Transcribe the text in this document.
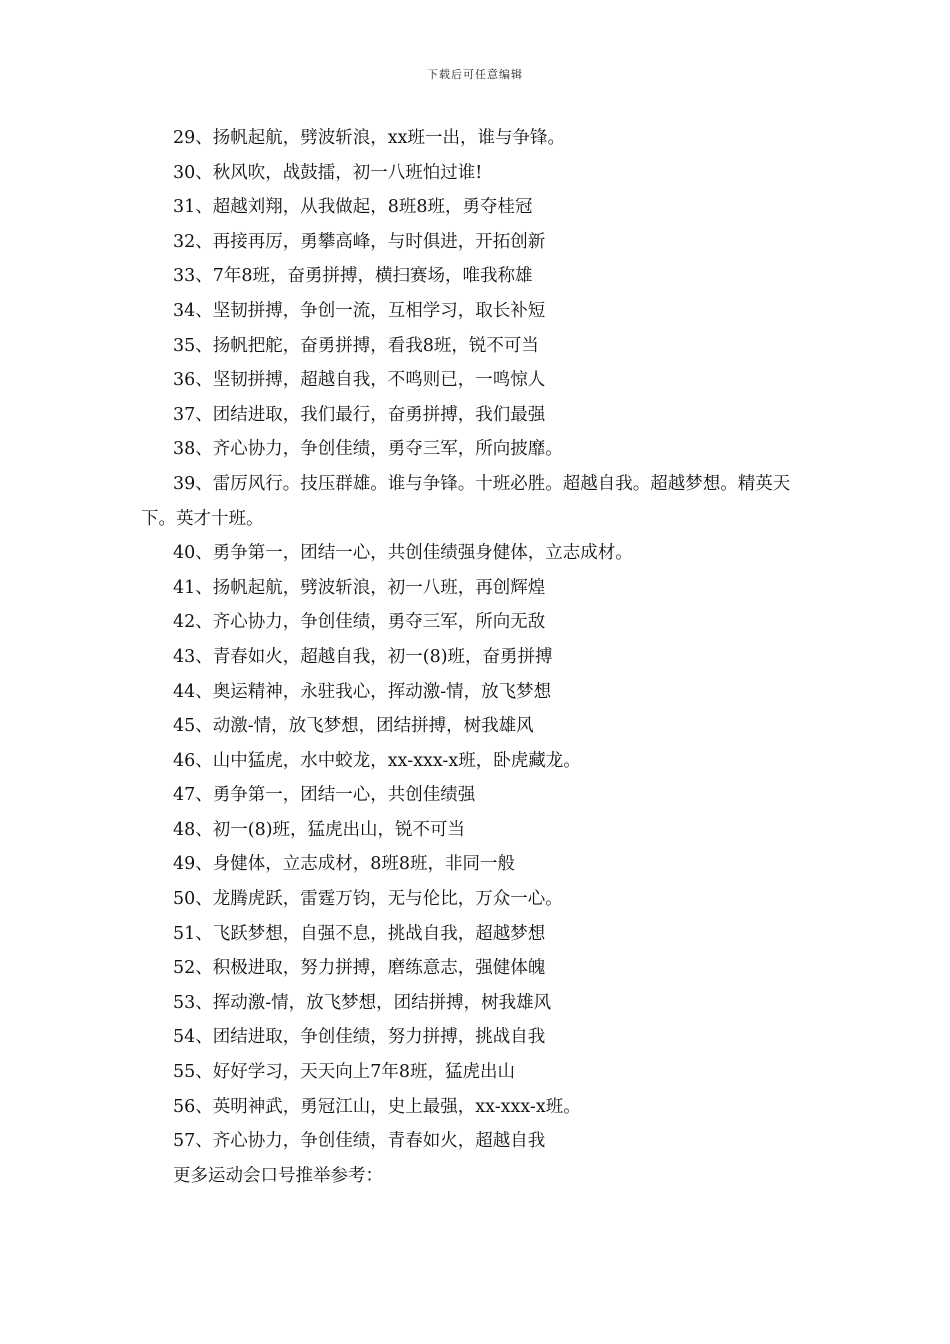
下载后可任意编辑

29、扬帆起航，劈波斩浪，xx班一出，谁与争锋。

30、秋风吹，战鼓擂，初一八班怕过谁!

31、超越刘翔，从我做起，8班8班，勇夺桂冠

32、再接再厉，勇攀高峰，与时俱进，开拓创新

33、7年8班，奋勇拼搏，横扫赛场，唯我称雄

34、坚韧拼搏，争创一流，互相学习，取长补短

35、扬帆把舵，奋勇拼搏，看我8班，锐不可当

36、坚韧拼搏，超越自我，不鸣则已，一鸣惊人

37、团结进取，我们最行，奋勇拼搏，我们最强

38、齐心协力，争创佳绩，勇夺三军，所向披靡。

39、雷厉风行。技压群雄。谁与争锋。十班必胜。超越自我。超越梦想。精英天下。英才十班。

40、勇争第一，团结一心，共创佳绩强身健体，立志成材。

41、扬帆起航，劈波斩浪，初一八班，再创辉煌

42、齐心协力，争创佳绩，勇夺三军，所向无敌

43、青春如火，超越自我，初一(8)班，奋勇拼搏

44、奥运精神，永驻我心，挥动激-情，放飞梦想

45、动激-情，放飞梦想，团结拼搏，树我雄风

46、山中猛虎，水中蛟龙，xx-xxx-x班，卧虎藏龙。

47、勇争第一，团结一心，共创佳绩强

48、初一(8)班，猛虎出山，锐不可当

49、身健体，立志成材，8班8班，非同一般

50、龙腾虎跃，雷霆万钧，无与伦比，万众一心。

51、飞跃梦想，自强不息，挑战自我，超越梦想

52、积极进取，努力拼搏，磨练意志，强健体魄

53、挥动激-情，放飞梦想，团结拼搏，树我雄风

54、团结进取，争创佳绩，努力拼搏，挑战自我

55、好好学习，天天向上7年8班，猛虎出山

56、英明神武，勇冠江山，史上最强，xx-xxx-x班。

57、齐心协力，争创佳绩，青春如火，超越自我

更多运动会口号推举参考：
